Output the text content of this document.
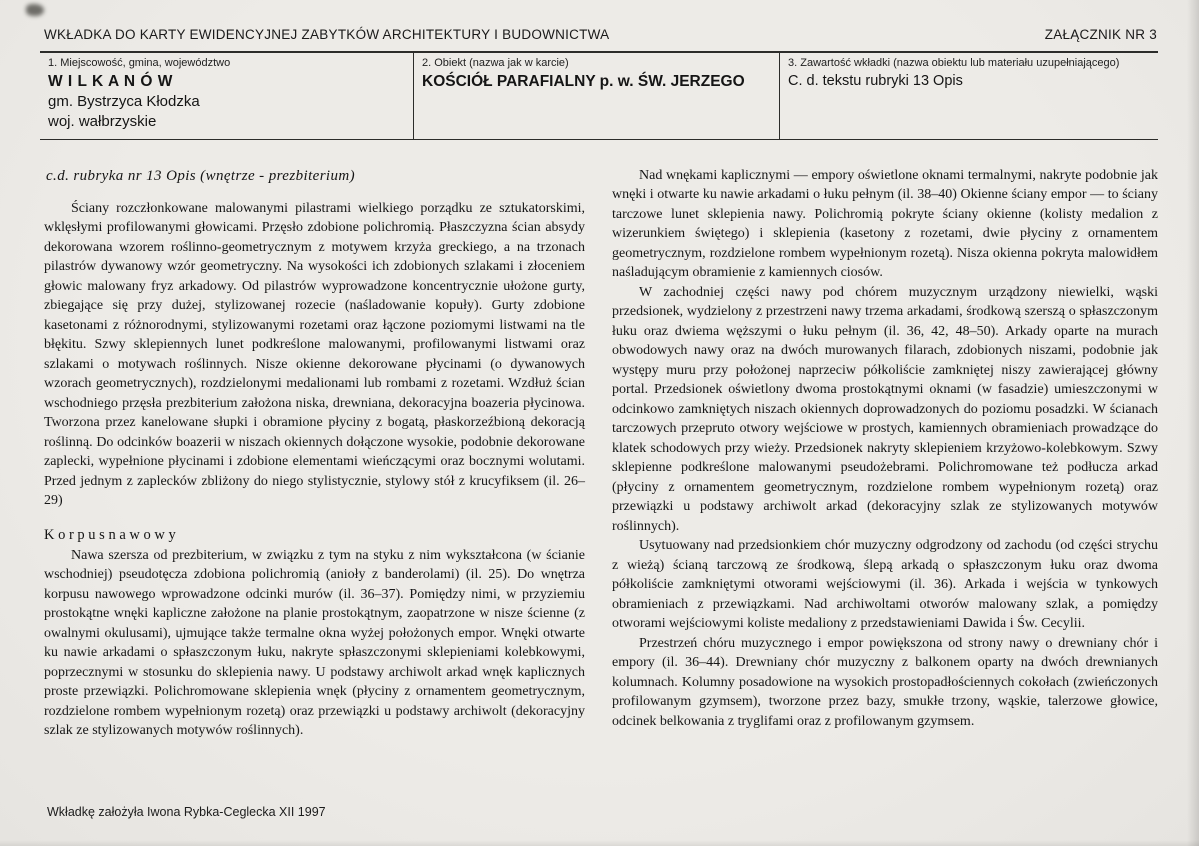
WKŁADKA DO KARTY EWIDENCYJNEJ ZABYTKÓW ARCHITEKTURY I BUDOWNICTWA	ZAŁĄCZNIK NR 3
1. Miejscowość, gmina, województwo
W I L K A N Ó W
gm. Bystrzyca Kłodzka
woj. wałbrzyskie
2. Obiekt (nazwa jak w karcie)
KOŚCIÓŁ PARAFIALNY p. w. ŚW. JERZEGO
3. Zawartość wkładki (nazwa obiektu lub materiału uzupełniającego)
C. d. tekstu rubryki 13 Opis
c.d. rubryka nr 13 Opis (wnętrze - prezbiterium)

Ściany rozczłonkowane malowanymi pilastrami wielkiego porządku ze sztukatorskimi, wklęsłymi profilowanymi głowicami. Przęsło zdobione polichromią. Płaszczyzna ścian absydy dekorowana wzorem roślinno-geometrycznym z motywem krzyża greckiego, a na trzonach pilastrów dywanowy wzór geometryczny. Na wysokości ich zdobionych szlakami i złoceniem głowic malowany fryz arkadowy. Od pilastrów wyprowadzone koncentrycznie ułożone gurty, zbiegające się przy dużej, stylizowanej rozecie (naśladowanie kopuły). Gurty zdobione kasetonami z różnorodnymi, stylizowanymi rozetami oraz łączone poziomymi listwami na tle błękitu. Szwy sklepiennych lunet podkreślone malowanymi, profilowanymi listwami oraz szlakami o motywach roślinnych. Nisze okienne dekorowane płycinami (o dywanowych wzorach geometrycznych), rozdzielonymi medalionami lub rombami z rozetami. Wzdłuż ścian wschodniego przęsła prezbiterium założona niska, drewniana, dekoracyjna boazeria płycinowa. Tworzona przez kanelowane słupki i obramione płyciny z bogatą, płaskorzeźbioną dekoracją roślinną. Do odcinków boazerii w niszach okiennych dołączone wysokie, podobnie dekorowane zaplecki, wypełnione płycinami i zdobione elementami wieńczącymi oraz bocznymi wolutami. Przed jednym z zaplecków zbliżony do niego stylistycznie, stylowy stół z krucyfiksem (il. 26–29)

K o r p u s n a w o w y

Nawa szersza od prezbiterium, w związku z tym na styku z nim wykształcona (w ścianie wschodniej) pseudotęcza zdobiona polichromią (anioły z banderolami) (il. 25). Do wnętrza korpusu nawowego wprowadzone odcinki murów (il. 36–37). Pomiędzy nimi, w przyziemiu prostokątne wnęki kapliczne założone na planie prostokątnym, zaopatrzone w nisze ścienne (z owalnymi okulusami), ujmujące także termalne okna wyżej położonych empor. Wnęki otwarte ku nawie arkadami o spłaszczonym łuku, nakryte spłaszczonymi sklepieniami kolebkowymi, poprzecznymi w stosunku do sklepienia nawy. U podstawy archiwolt arkad wnęk kaplicznych proste przewiązki. Polichromowane sklepienia wnęk (płyciny z ornamentem geometrycznym, rozdzielone rombem wypełnionym rozetą) oraz przewiązki u podstawy archiwolt (dekoracyjny szlak ze stylizowanych motywów roślinnych).

Nad wnękami kaplicznymi — empory oświetlone oknami termalnymi, nakryte podobnie jak wnęki i otwarte ku nawie arkadami o łuku pełnym (il. 38–40) Okienne ściany empor — to ściany tarczowe lunet sklepienia nawy. Polichromią pokryte ściany okienne (kolisty medalion z wizerunkiem świętego) i sklepienia (kasetony z rozetami, dwie płyciny z ornamentem geometrycznym, rozdzielone rombem wypełnionym rozetą). Nisza okienna pokryta malowidłem naśladującym obramienie z kamiennych ciosów.

W zachodniej części nawy pod chórem muzycznym urządzony niewielki, wąski przedsionek, wydzielony z przestrzeni nawy trzema arkadami, środkową szerszą o spłaszczonym łuku oraz dwiema węższymi o łuku pełnym (il. 36, 42, 48–50). Arkady oparte na murach obwodowych nawy oraz na dwóch murowanych filarach, zdobionych niszami, podobnie jak występy muru przy położonej naprzeciw półkoliście zamkniętej niszy zawierającej główny portal. Przedsionek oświetlony dwoma prostokątnymi oknami (w fasadzie) umieszczonymi w odcinkowo zamkniętych niszach okiennych doprowadzonych do poziomu posadzki. W ścianach tarczowych przepruto otwory wejściowe w prostych, kamiennych obramieniach prowadzące do klatek schodowych przy wieży. Przedsionek nakryty sklepieniem krzyżowo-kolebkowym. Szwy sklepienne podkreślone malowanymi pseudożebrami. Polichromowane też podłucza arkad (płyciny z ornamentem geometrycznym, rozdzielone rombem wypełnionym rozetą) oraz przewiązki u podstawy archiwolt arkad (dekoracyjny szlak ze stylizowanych motywów roślinnych).

Usytuowany nad przedsionkiem chór muzyczny odgrodzony od zachodu (od części strychu z wieżą) ścianą tarczową ze środkową, ślepą arkadą o spłaszczonym łuku oraz dwoma półkoliście zamkniętymi otworami wejściowymi (il. 36). Arkada i wejścia w tynkowych obramieniach z przewiązkami. Nad archiwoltami otworów malowany szlak, a pomiędzy otworami wejściowymi koliste medaliony z przedstawieniami Dawida i Św. Cecylii.

Przestrzeń chóru muzycznego i empor powiększona od strony nawy o drewniany chór i empory (il. 36–44). Drewniany chór muzyczny z balkonem oparty na dwóch drewnianych kolumnach. Kolumny posadowione na wysokich prostopadłościennych cokołach (zwieńczonych profilowanym gzymsem), tworzone przez bazy, smukłe trzony, wąskie, talerzowe głowice, odcinek belkowania z tryglifami oraz z profilowanym gzymsem.

Wkładkę założyła Iwona Rybka-Ceglecka XII 1997
